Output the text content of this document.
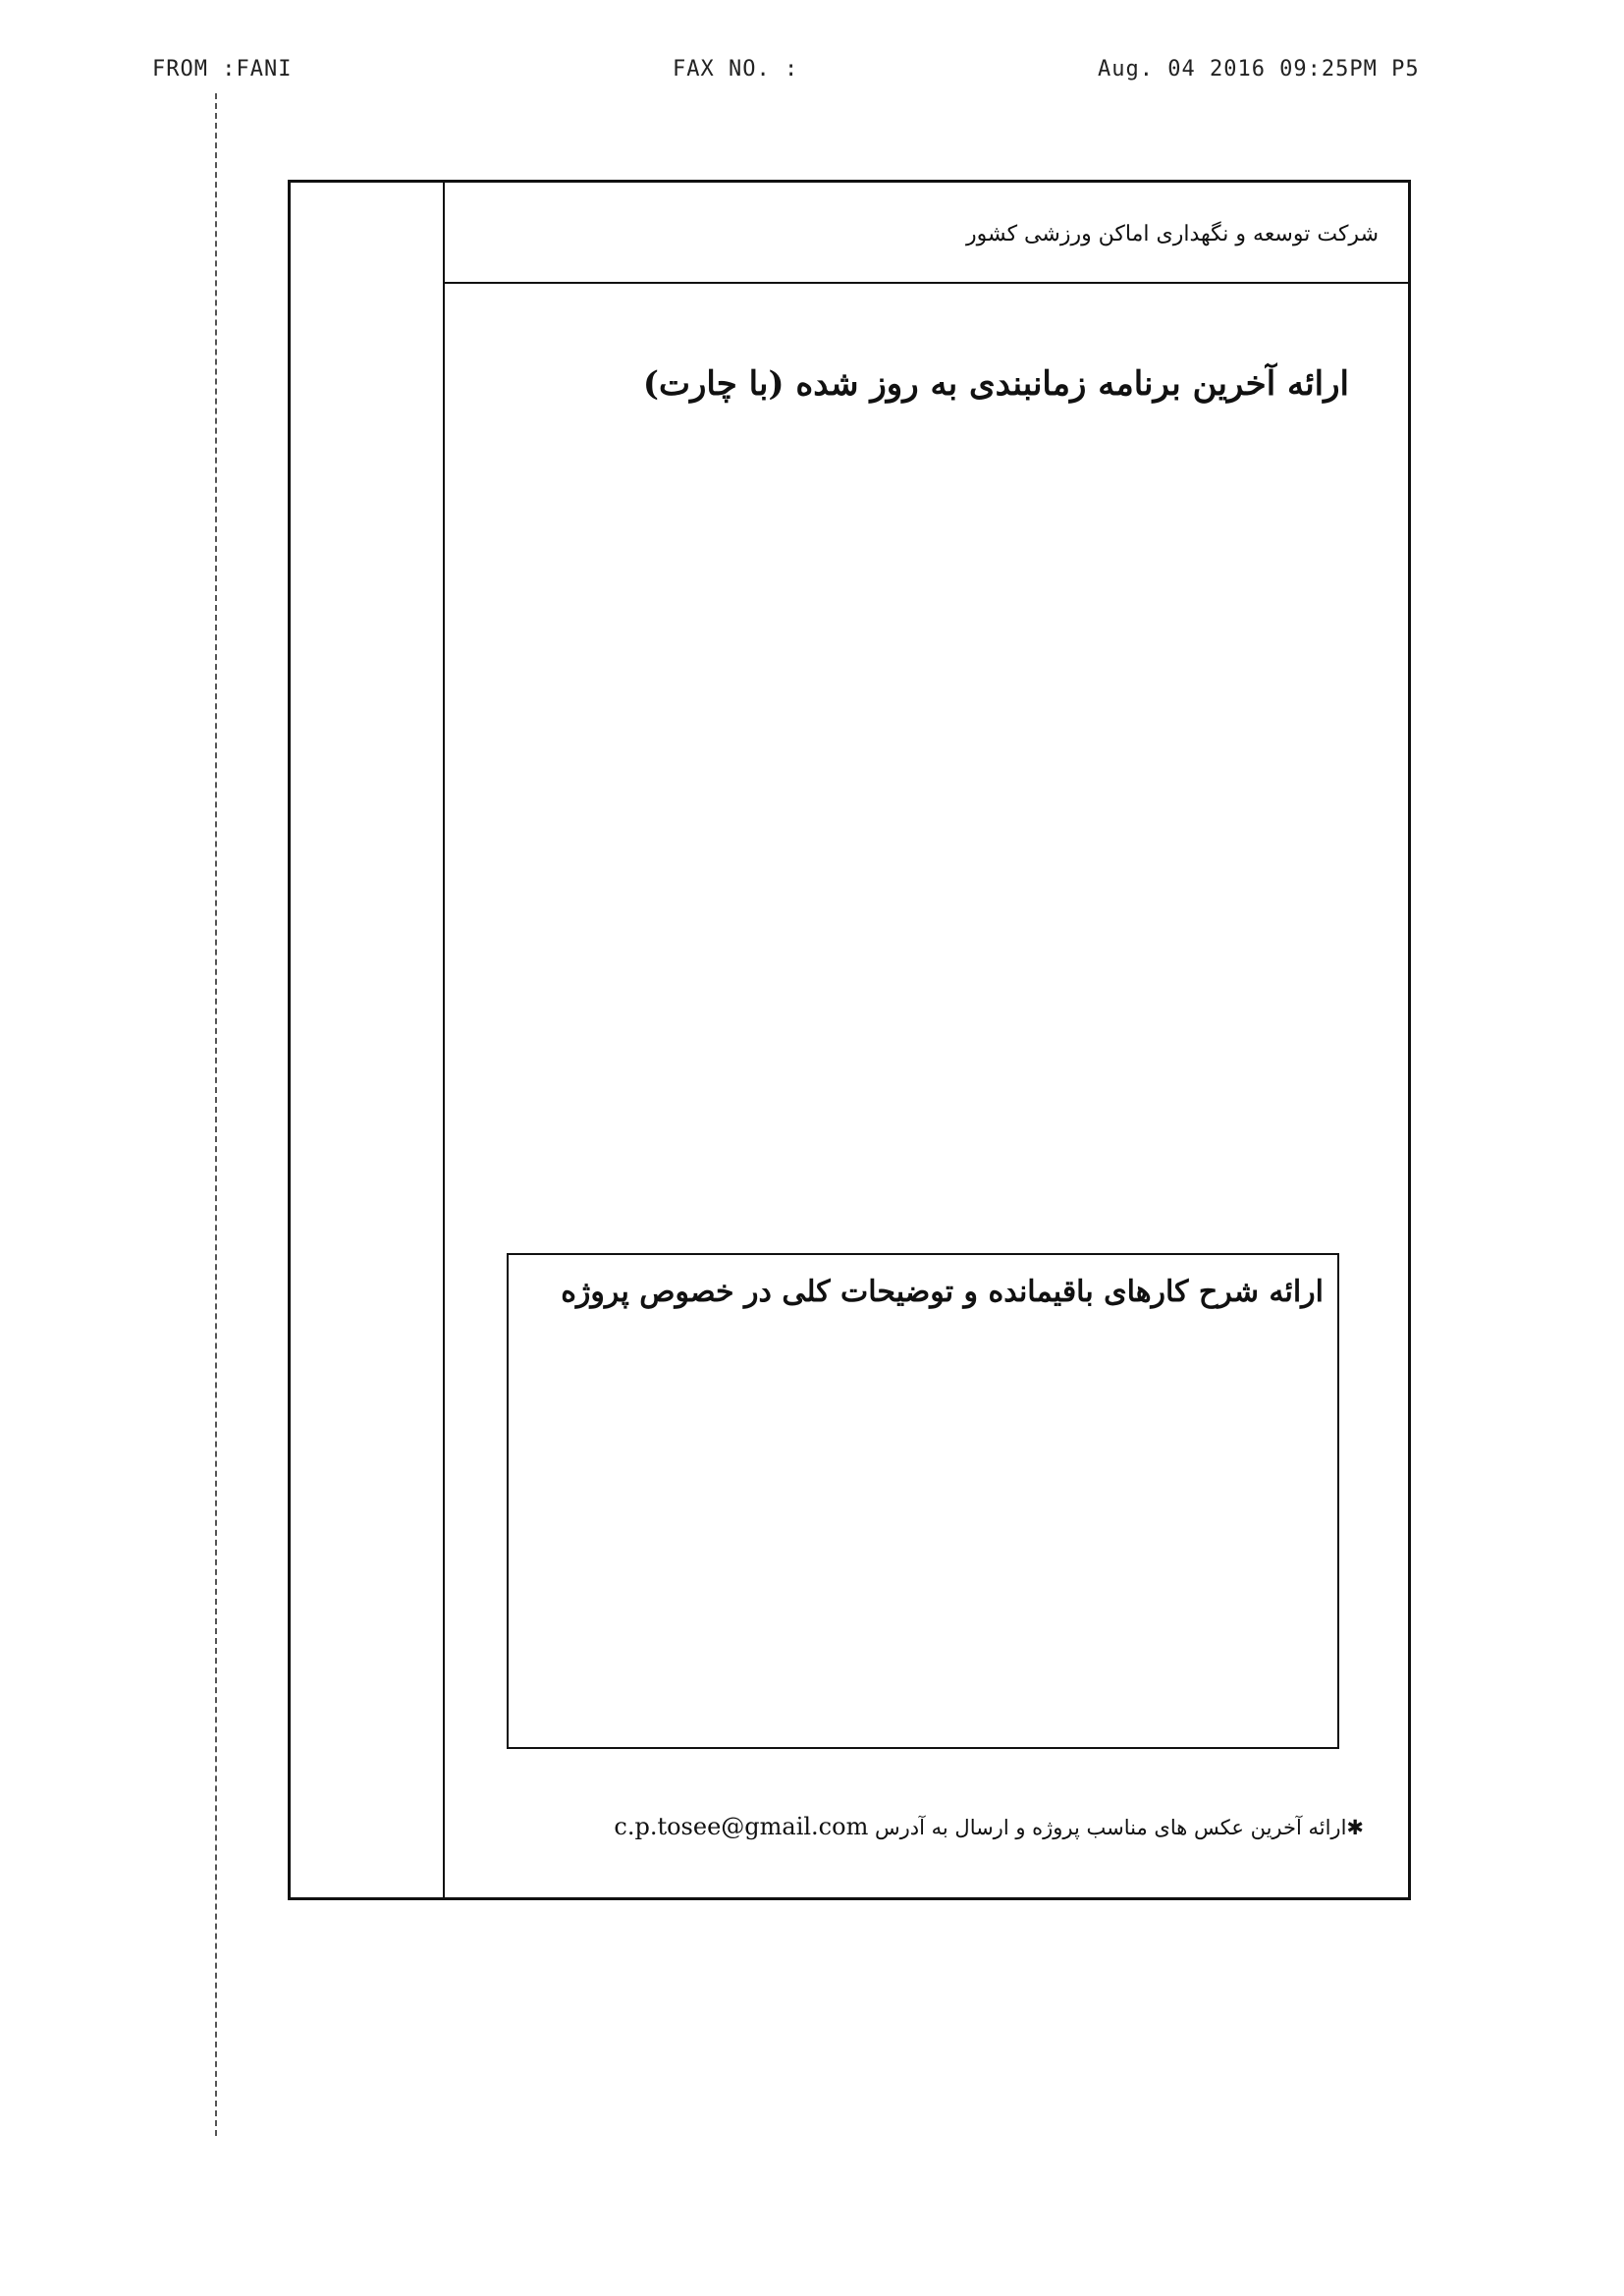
FROM :FANI	FAX NO. :	Aug. 04 2016 09:25PM P5
شرکت توسعه و نگهداری اماکن ورزشی کشور
ارائه آخرین برنامه زمانبندی به روز شده (با چارت)
ارائه شرح کارهای باقیمانده و توضیحات کلی در خصوص پروژه
✱ارائه آخرین عکس های مناسب پروژه و ارسال به آدرس c.p.tosee@gmail.com
